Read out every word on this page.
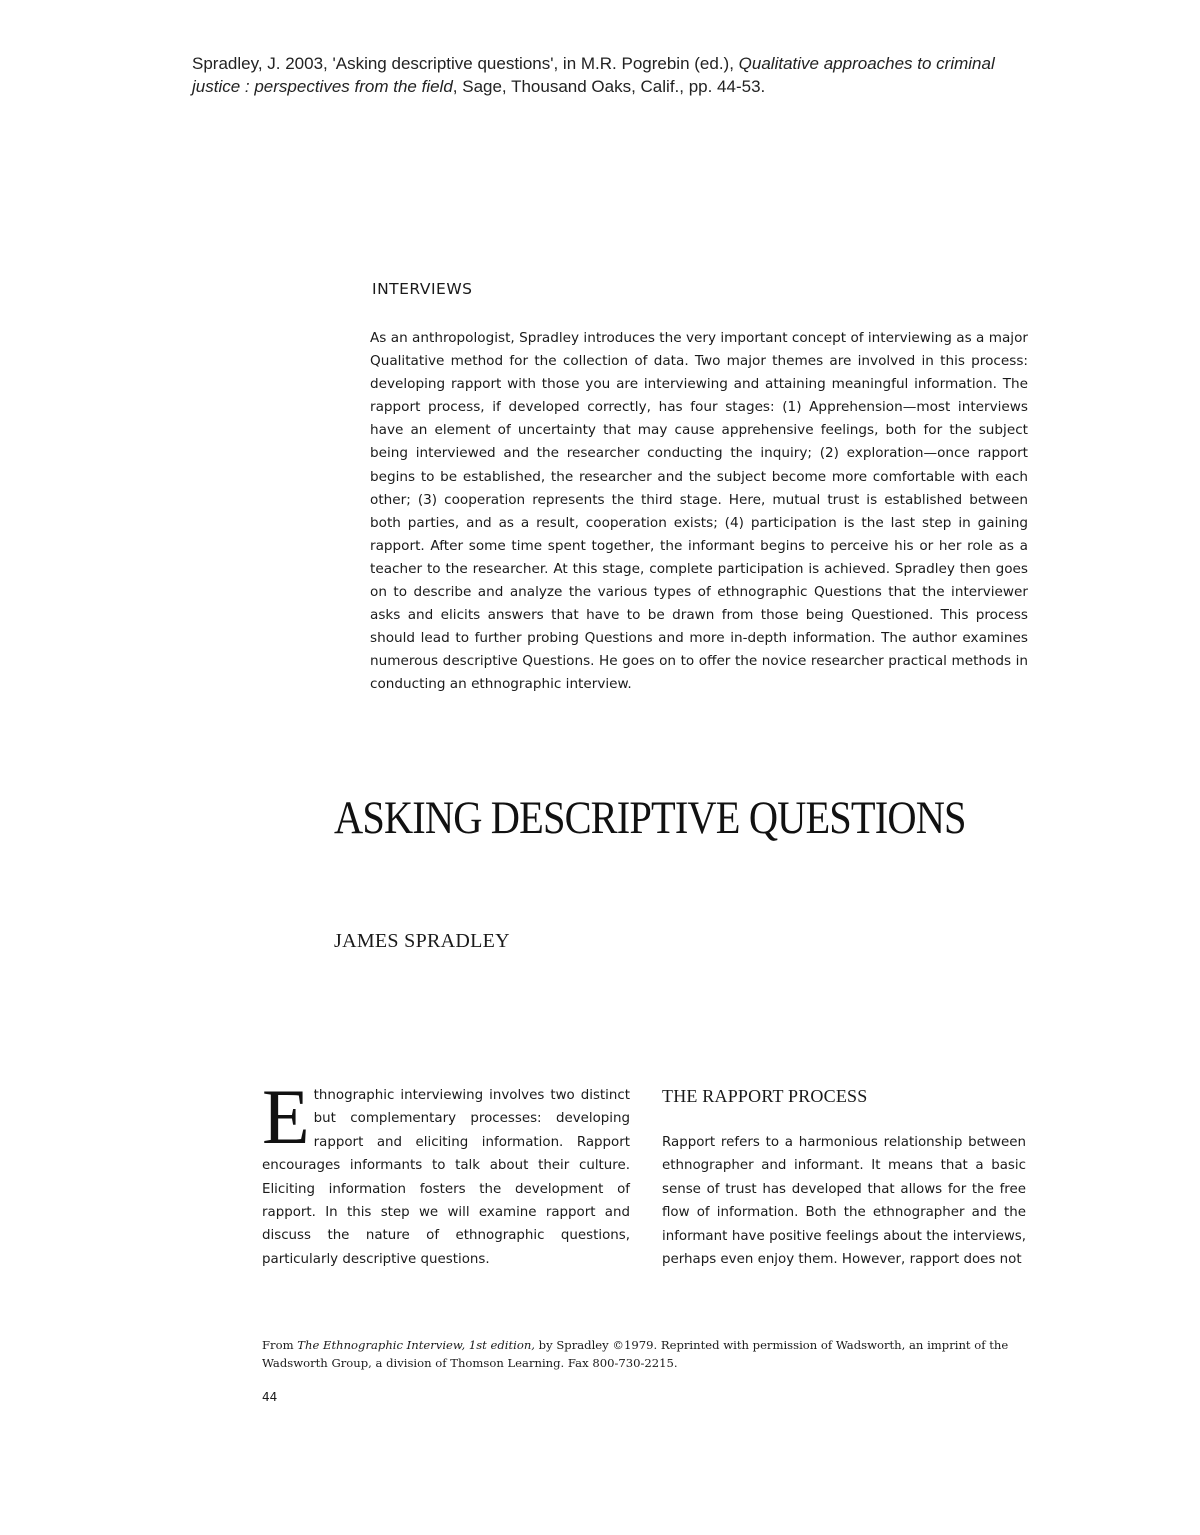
Spradley, J. 2003, 'Asking descriptive questions', in M.R. Pogrebin (ed.), Qualitative approaches to criminal justice : perspectives from the field, Sage, Thousand Oaks, Calif., pp. 44-53.
INTERVIEWS
As an anthropologist, Spradley introduces the very important concept of interviewing as a major Qualitative method for the collection of data. Two major themes are involved in this process: developing rapport with those you are interviewing and attaining meaningful information. The rapport process, if developed correctly, has four stages: (1) Apprehension—most interviews have an element of uncertainty that may cause apprehensive feelings, both for the subject being interviewed and the researcher conducting the inquiry; (2) exploration—once rapport begins to be established, the researcher and the subject become more comfortable with each other; (3) cooperation represents the third stage. Here, mutual trust is established between both parties, and as a result, cooperation exists; (4) participation is the last step in gaining rapport. After some time spent together, the informant begins to perceive his or her role as a teacher to the researcher. At this stage, complete participation is achieved. Spradley then goes on to describe and analyze the various types of ethnographic Questions that the interviewer asks and elicits answers that have to be drawn from those being Questioned. This process should lead to further probing Questions and more in-depth information. The author examines numerous descriptive Questions. He goes on to offer the novice researcher practical methods in conducting an ethnographic interview.
ASKING DESCRIPTIVE QUESTIONS
JAMES SPRADLEY
Ethnographic interviewing involves two distinct but complementary processes: developing rapport and eliciting information. Rapport encourages informants to talk about their culture. Eliciting information fosters the development of rapport. In this step we will examine rapport and discuss the nature of ethnographic questions, particularly descriptive questions.
THE RAPPORT PROCESS
Rapport refers to a harmonious relationship between ethnographer and informant. It means that a basic sense of trust has developed that allows for the free flow of information. Both the ethnographer and the informant have positive feelings about the interviews, perhaps even enjoy them. However, rapport does not
From The Ethnographic Interview, 1st edition, by Spradley ©1979. Reprinted with permission of Wadsworth, an imprint of the Wadsworth Group, a division of Thomson Learning. Fax 800-730-2215.
44
